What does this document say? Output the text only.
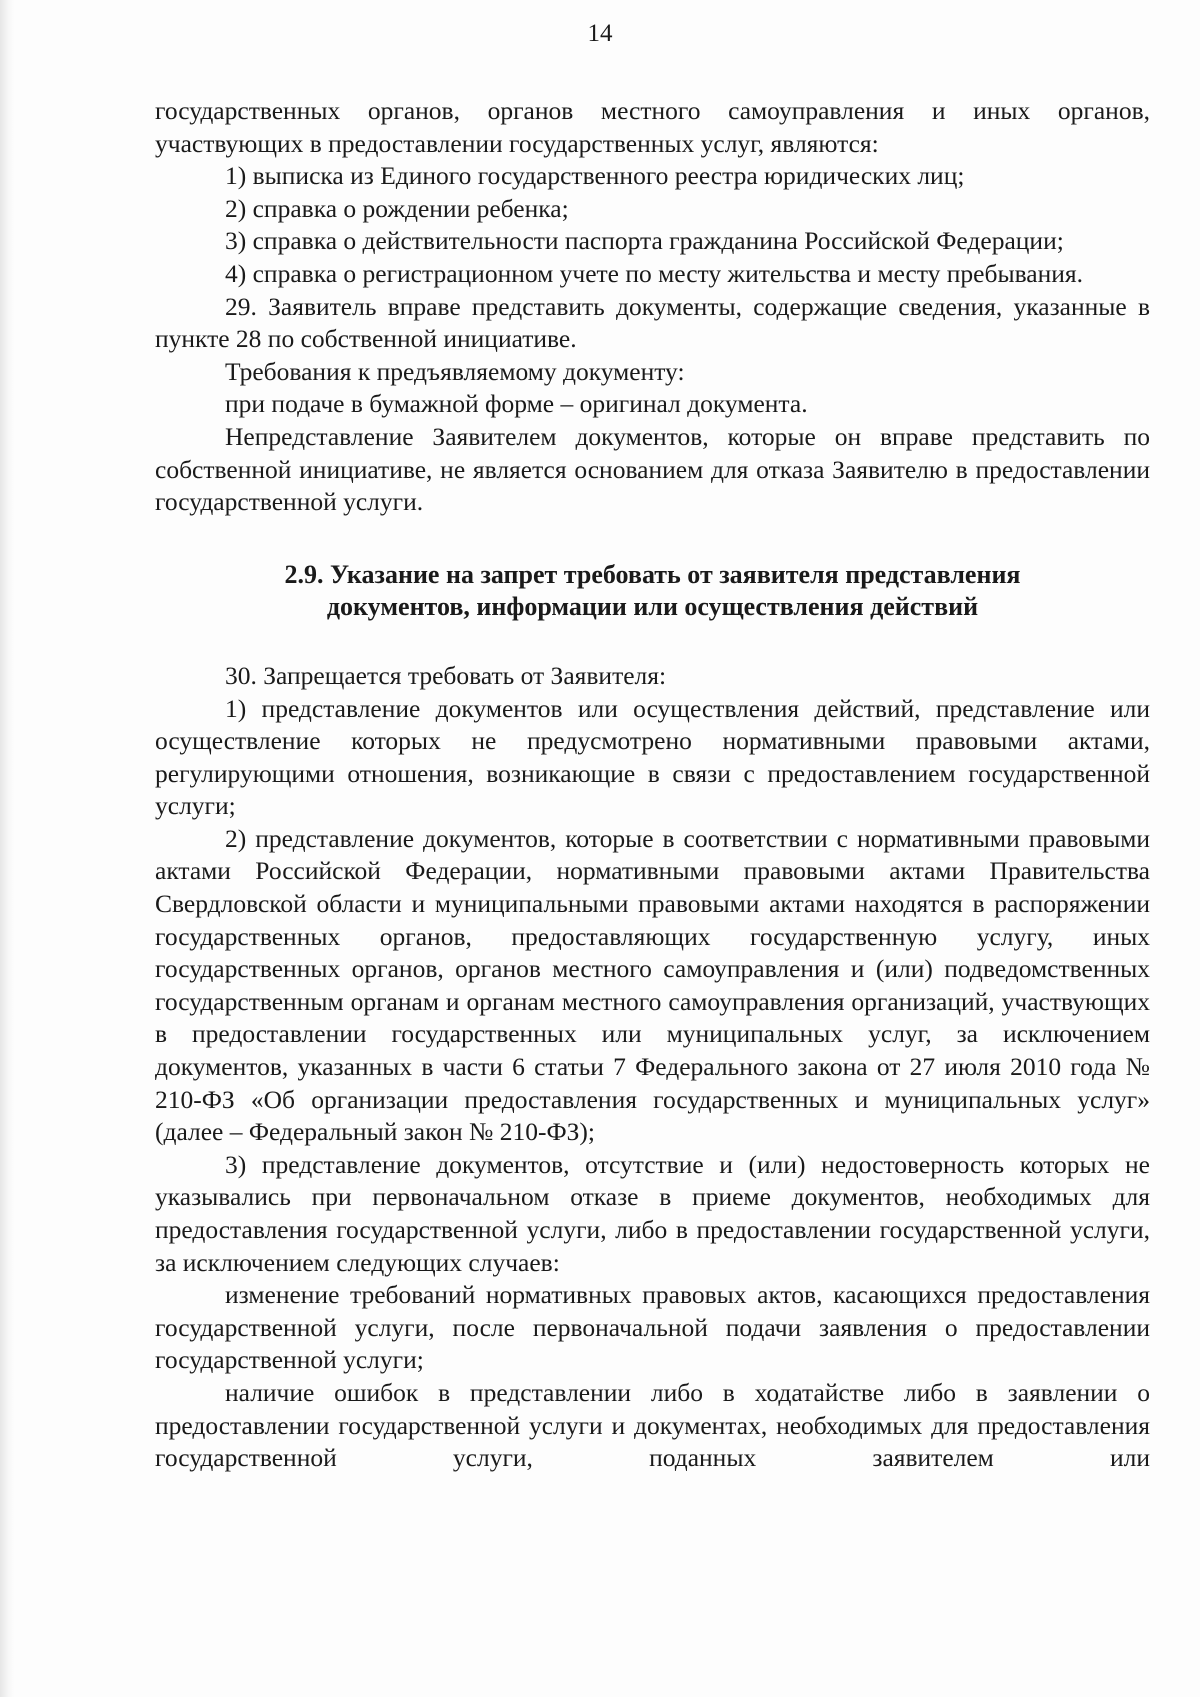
14

государственных органов, органов местного самоуправления и иных органов, участвующих в предоставлении государственных услуг, являются:

1) выписка из Единого государственного реестра юридических лиц;

2) справка о рождении ребенка;

3) справка о действительности паспорта гражданина Российской Федерации;

4) справка о регистрационном учете по месту жительства и месту пребывания.

29. Заявитель вправе представить документы, содержащие сведения, указанные в пункте 28 по собственной инициативе.

Требования к предъявляемому документу:

при подаче в бумажной форме – оригинал документа.

Непредставление Заявителем документов, которые он вправе представить по собственной инициативе, не является основанием для отказа Заявителю в предоставлении государственной услуги.

2.9. Указание на запрет требовать от заявителя представления документов, информации или осуществления действий

30. Запрещается требовать от Заявителя:

1) представление документов или осуществления действий, представление или осуществление которых не предусмотрено нормативными правовыми актами, регулирующими отношения, возникающие в связи с предоставлением государственной услуги;

2) представление документов, которые в соответствии с нормативными правовыми актами Российской Федерации, нормативными правовыми актами Правительства Свердловской области и муниципальными правовыми актами находятся в распоряжении государственных органов, предоставляющих государственную услугу, иных государственных органов, органов местного самоуправления и (или) подведомственных государственным органам и органам местного самоуправления организаций, участвующих в предоставлении государственных или муниципальных услуг, за исключением документов, указанных в части 6 статьи 7 Федерального закона от 27 июля 2010 года № 210-ФЗ «Об организации предоставления государственных и муниципальных услуг» (далее – Федеральный закон № 210-ФЗ);

3) представление документов, отсутствие и (или) недостоверность которых не указывались при первоначальном отказе в приеме документов, необходимых для предоставления государственной услуги, либо в предоставлении государственной услуги, за исключением следующих случаев:

изменение требований нормативных правовых актов, касающихся предоставления государственной услуги, после первоначальной подачи заявления о предоставлении государственной услуги;

наличие ошибок в представлении либо в ходатайстве либо в заявлении о предоставлении государственной услуги и документах, необходимых для предоставления государственной услуги, поданных заявителем или
